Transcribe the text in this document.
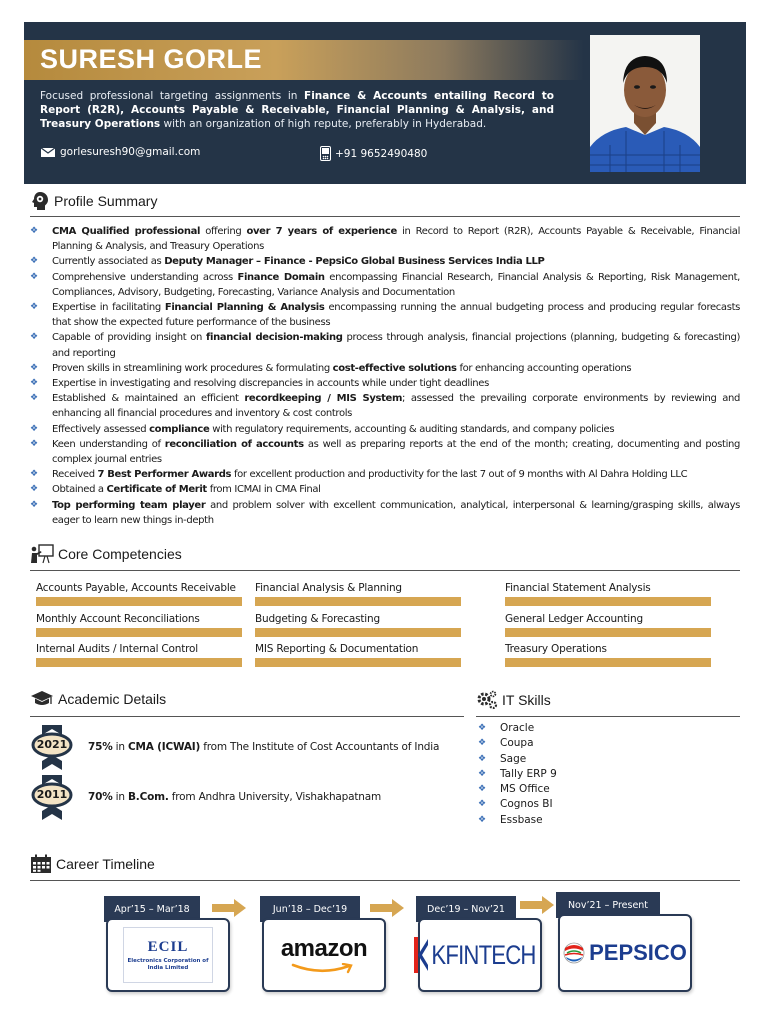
SURESH GORLE
Focused professional targeting assignments in Finance & Accounts entailing Record to Report (R2R), Accounts Payable & Receivable, Financial Planning & Analysis, and Treasury Operations with an organization of high repute, preferably in Hyderabad.
gorlesuresh90@gmail.com	+91 9652490480
Profile Summary
❖ CMA Qualified professional offering over 7 years of experience in Record to Report (R2R), Accounts Payable & Receivable, Financial Planning & Analysis, and Treasury Operations
❖ Currently associated as Deputy Manager – Finance - PepsiCo Global Business Services India LLP
❖ Comprehensive understanding across Finance Domain encompassing Financial Research, Financial Analysis & Reporting, Risk Management, Compliances, Advisory, Budgeting, Forecasting, Variance Analysis and Documentation
❖ Expertise in facilitating Financial Planning & Analysis encompassing running the annual budgeting process and producing regular forecasts that show the expected future performance of the business
❖ Capable of providing insight on financial decision-making process through analysis, financial projections (planning, budgeting & forecasting) and reporting
❖ Proven skills in streamlining work procedures & formulating cost-effective solutions for enhancing accounting operations
❖ Expertise in investigating and resolving discrepancies in accounts while under tight deadlines
❖ Established & maintained an efficient recordkeeping / MIS System; assessed the prevailing corporate environments by reviewing and enhancing all financial procedures and inventory & cost controls
❖ Effectively assessed compliance with regulatory requirements, accounting & auditing standards, and company policies
❖ Keen understanding of reconciliation of accounts as well as preparing reports at the end of the month; creating, documenting and posting complex journal entries
❖ Received 7 Best Performer Awards for excellent production and productivity for the last 7 out of 9 months with Al Dahra Holding LLC
❖ Obtained a Certificate of Merit from ICMAI in CMA Final
❖ Top performing team player and problem solver with excellent communication, analytical, interpersonal & learning/grasping skills, always eager to learn new things in-depth
Core Competencies
Accounts Payable, Accounts Receivable	Financial Analysis & Planning	Financial Statement Analysis
Monthly Account Reconciliations	Budgeting & Forecasting	General Ledger Accounting
Internal Audits / Internal Control	MIS Reporting & Documentation	Treasury Operations
Academic Details
2021	75% in CMA (ICWAI) from The Institute of Cost Accountants of India
2011	70% in B.Com. from Andhra University, Vishakhapatnam
IT Skills
❖ Oracle
❖ Coupa
❖ Sage
❖ Tally ERP 9
❖ MS Office
❖ Cognos BI
❖ Essbase
Career Timeline
Apr’15 – Mar’18	Jun’18 – Dec’19	Dec’19 – Nov’21	Nov’21 – Present
ECIL
Electronics Corporation of India Limited
amazon KFINTECH PEPSICO
